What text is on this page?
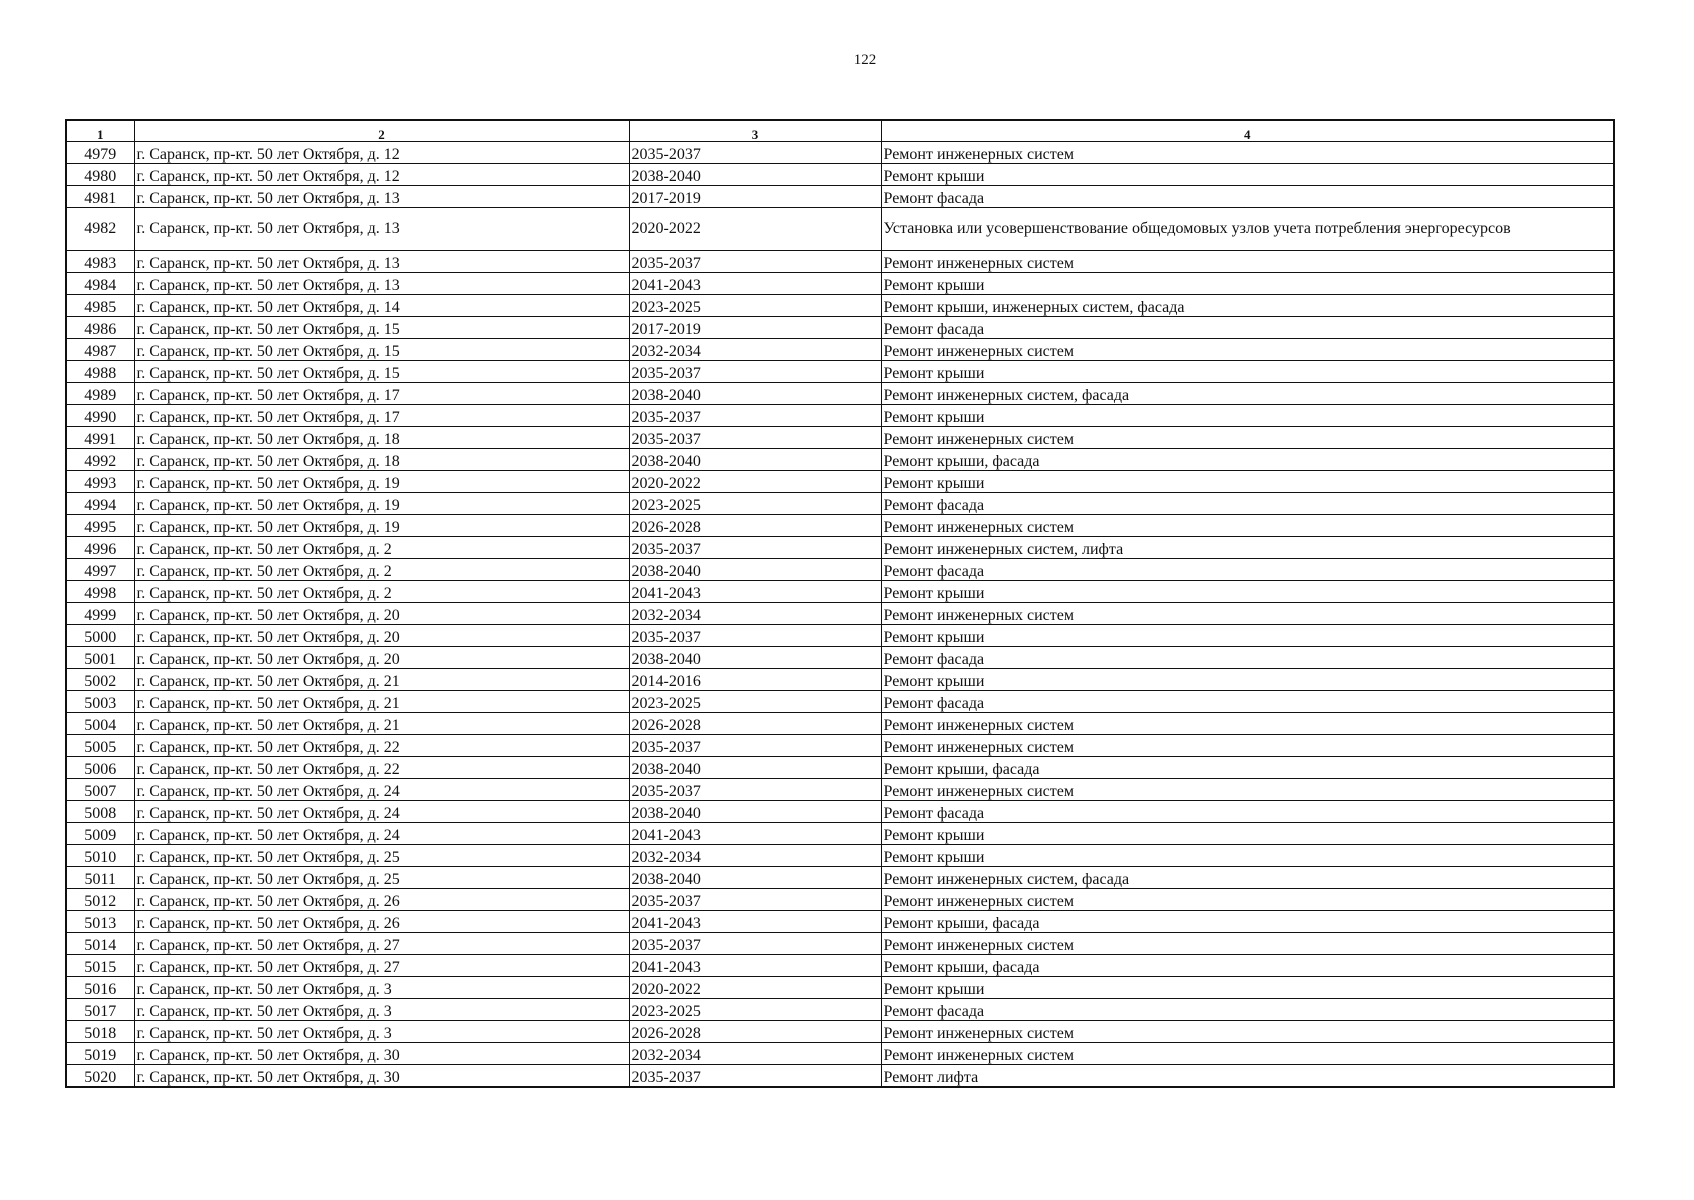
122
1	2	3	4
4979	г. Саранск, пр-кт. 50 лет Октября, д. 12	2035-2037	Ремонт инженерных систем
4980	г. Саранск, пр-кт. 50 лет Октября, д. 12	2038-2040	Ремонт крыши
4981	г. Саранск, пр-кт. 50 лет Октября, д. 13	2017-2019	Ремонт фасада
4982	г. Саранск, пр-кт. 50 лет Октября, д. 13	2020-2022	Установка или усовершенствование общедомовых узлов учета потребления энергоресурсов
4983	г. Саранск, пр-кт. 50 лет Октября, д. 13	2035-2037	Ремонт инженерных систем
4984	г. Саранск, пр-кт. 50 лет Октября, д. 13	2041-2043	Ремонт крыши
4985	г. Саранск, пр-кт. 50 лет Октября, д. 14	2023-2025	Ремонт крыши, инженерных систем, фасада
4986	г. Саранск, пр-кт. 50 лет Октября, д. 15	2017-2019	Ремонт фасада
4987	г. Саранск, пр-кт. 50 лет Октября, д. 15	2032-2034	Ремонт инженерных систем
4988	г. Саранск, пр-кт. 50 лет Октября, д. 15	2035-2037	Ремонт крыши
4989	г. Саранск, пр-кт. 50 лет Октября, д. 17	2038-2040	Ремонт инженерных систем, фасада
4990	г. Саранск, пр-кт. 50 лет Октября, д. 17	2035-2037	Ремонт крыши
4991	г. Саранск, пр-кт. 50 лет Октября, д. 18	2035-2037	Ремонт инженерных систем
4992	г. Саранск, пр-кт. 50 лет Октября, д. 18	2038-2040	Ремонт крыши, фасада
4993	г. Саранск, пр-кт. 50 лет Октября, д. 19	2020-2022	Ремонт крыши
4994	г. Саранск, пр-кт. 50 лет Октября, д. 19	2023-2025	Ремонт фасада
4995	г. Саранск, пр-кт. 50 лет Октября, д. 19	2026-2028	Ремонт инженерных систем
4996	г. Саранск, пр-кт. 50 лет Октября, д. 2	2035-2037	Ремонт инженерных систем, лифта
4997	г. Саранск, пр-кт. 50 лет Октября, д. 2	2038-2040	Ремонт фасада
4998	г. Саранск, пр-кт. 50 лет Октября, д. 2	2041-2043	Ремонт крыши
4999	г. Саранск, пр-кт. 50 лет Октября, д. 20	2032-2034	Ремонт инженерных систем
5000	г. Саранск, пр-кт. 50 лет Октября, д. 20	2035-2037	Ремонт крыши
5001	г. Саранск, пр-кт. 50 лет Октября, д. 20	2038-2040	Ремонт фасада
5002	г. Саранск, пр-кт. 50 лет Октября, д. 21	2014-2016	Ремонт крыши
5003	г. Саранск, пр-кт. 50 лет Октября, д. 21	2023-2025	Ремонт фасада
5004	г. Саранск, пр-кт. 50 лет Октября, д. 21	2026-2028	Ремонт инженерных систем
5005	г. Саранск, пр-кт. 50 лет Октября, д. 22	2035-2037	Ремонт инженерных систем
5006	г. Саранск, пр-кт. 50 лет Октября, д. 22	2038-2040	Ремонт крыши, фасада
5007	г. Саранск, пр-кт. 50 лет Октября, д. 24	2035-2037	Ремонт инженерных систем
5008	г. Саранск, пр-кт. 50 лет Октября, д. 24	2038-2040	Ремонт фасада
5009	г. Саранск, пр-кт. 50 лет Октября, д. 24	2041-2043	Ремонт крыши
5010	г. Саранск, пр-кт. 50 лет Октября, д. 25	2032-2034	Ремонт крыши
5011	г. Саранск, пр-кт. 50 лет Октября, д. 25	2038-2040	Ремонт инженерных систем, фасада
5012	г. Саранск, пр-кт. 50 лет Октября, д. 26	2035-2037	Ремонт инженерных систем
5013	г. Саранск, пр-кт. 50 лет Октября, д. 26	2041-2043	Ремонт крыши, фасада
5014	г. Саранск, пр-кт. 50 лет Октября, д. 27	2035-2037	Ремонт инженерных систем
5015	г. Саранск, пр-кт. 50 лет Октября, д. 27	2041-2043	Ремонт крыши, фасада
5016	г. Саранск, пр-кт. 50 лет Октября, д. 3	2020-2022	Ремонт крыши
5017	г. Саранск, пр-кт. 50 лет Октября, д. 3	2023-2025	Ремонт фасада
5018	г. Саранск, пр-кт. 50 лет Октября, д. 3	2026-2028	Ремонт инженерных систем
5019	г. Саранск, пр-кт. 50 лет Октября, д. 30	2032-2034	Ремонт инженерных систем
5020	г. Саранск, пр-кт. 50 лет Октября, д. 30	2035-2037	Ремонт лифта
